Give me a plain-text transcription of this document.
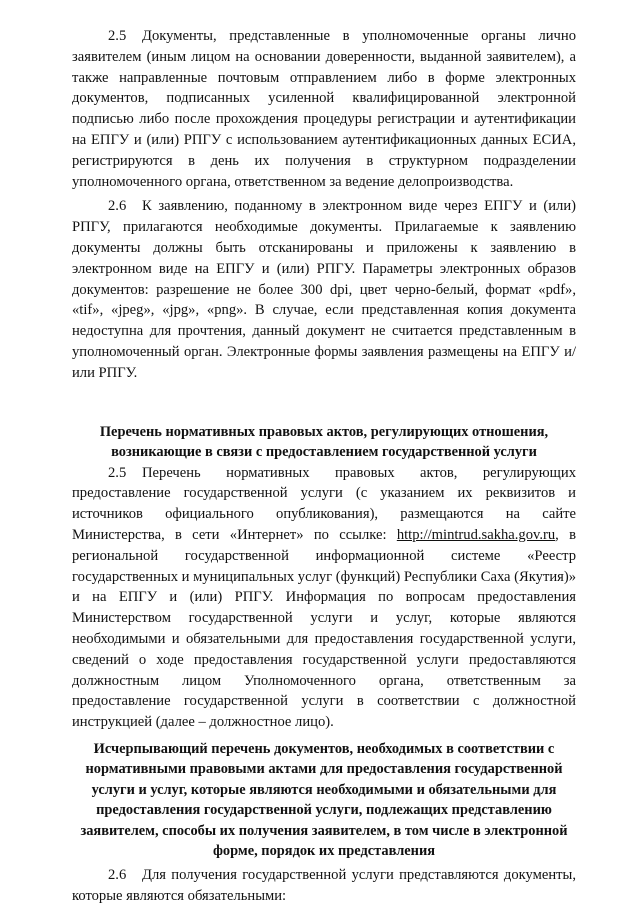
2.5 Документы, представленные в уполномоченные органы лично заявителем (иным лицом на основании доверенности, выданной заявителем), а также направленные почтовым отправлением либо в форме электронных документов, подписанных усиленной квалифицированной электронной подписью либо после прохождения процедуры регистрации и аутентификации на ЕПГУ и (или) РПГУ с использованием аутентификационных данных ЕСИА, регистрируются в день их получения в структурном подразделении уполномоченного органа, ответственном за ведение делопроизводства.

2.6 К заявлению, поданному в электронном виде через ЕПГУ и (или) РПГУ, прилагаются необходимые документы. Прилагаемые к заявлению документы должны быть отсканированы и приложены к заявлению в электронном виде на ЕПГУ и (или) РПГУ. Параметры электронных образов документов: разрешение не более 300 dpi, цвет черно-белый, формат «pdf», «tif», «jpeg», «jpg», «png». В случае, если представленная копия документа недоступна для прочтения, данный документ не считается представленным в уполномоченный орган. Электронные формы заявления размещены на ЕПГУ и/или РПГУ.

Перечень нормативных правовых актов, регулирующих отношения, возникающие в связи с предоставлением государственной услуги

2.5 Перечень нормативных правовых актов, регулирующих предоставление государственной услуги (с указанием их реквизитов и источников официального опубликования), размещаются на сайте Министерства, в сети «Интернет» по ссылке: http://mintrud.sakha.gov.ru, в региональной государственной информационной системе «Реестр государственных и муниципальных услуг (функций) Республики Саха (Якутия)» и на ЕПГУ и (или) РПГУ. Информация по вопросам предоставления Министерством государственной услуги и услуг, которые являются необходимыми и обязательными для предоставления государственной услуги, сведений о ходе предоставления государственной услуги предоставляются должностным лицом Уполномоченного органа, ответственным за предоставление государственной услуги в соответствии с должностной инструкцией (далее – должностное лицо).

Исчерпывающий перечень документов, необходимых в соответствии с нормативными правовыми актами для предоставления государственной услуги и услуг, которые являются необходимыми и обязательными для предоставления государственной услуги, подлежащих представлению заявителем, способы их получения заявителем, в том числе в электронной форме, порядок их представления

2.6 Для получения государственной услуги представляются документы, которые являются обязательными:
